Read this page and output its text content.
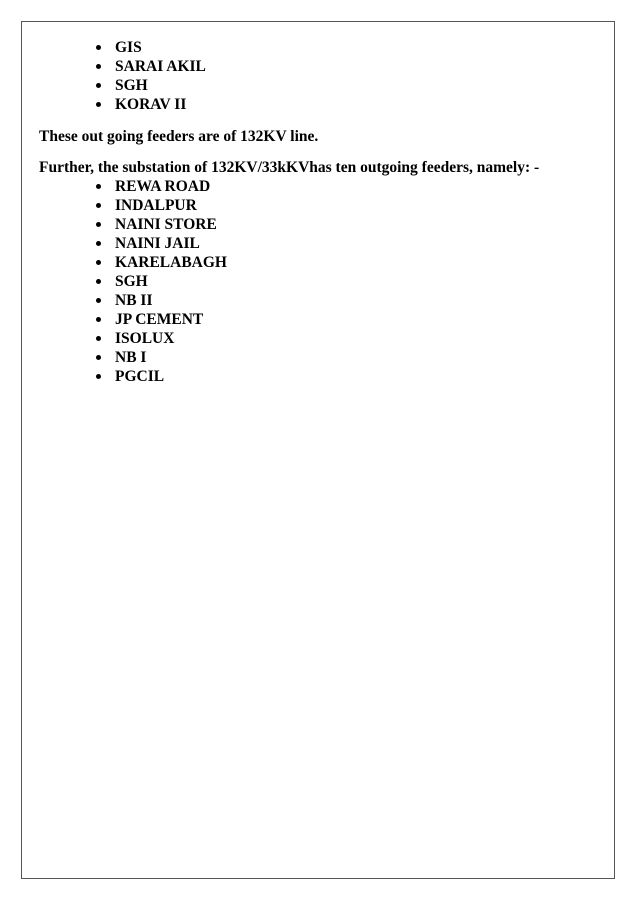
GIS
SARAI AKIL
SGH
KORAV II

These out going feeders are of 132KV line.

Further, the substation of 132KV/33kKVhas ten outgoing feeders, namely: -

REWA ROAD
INDALPUR
NAINI STORE
NAINI JAIL
KARELABAGH
SGH
NB II
JP CEMENT
ISOLUX
NB I
PGCIL
